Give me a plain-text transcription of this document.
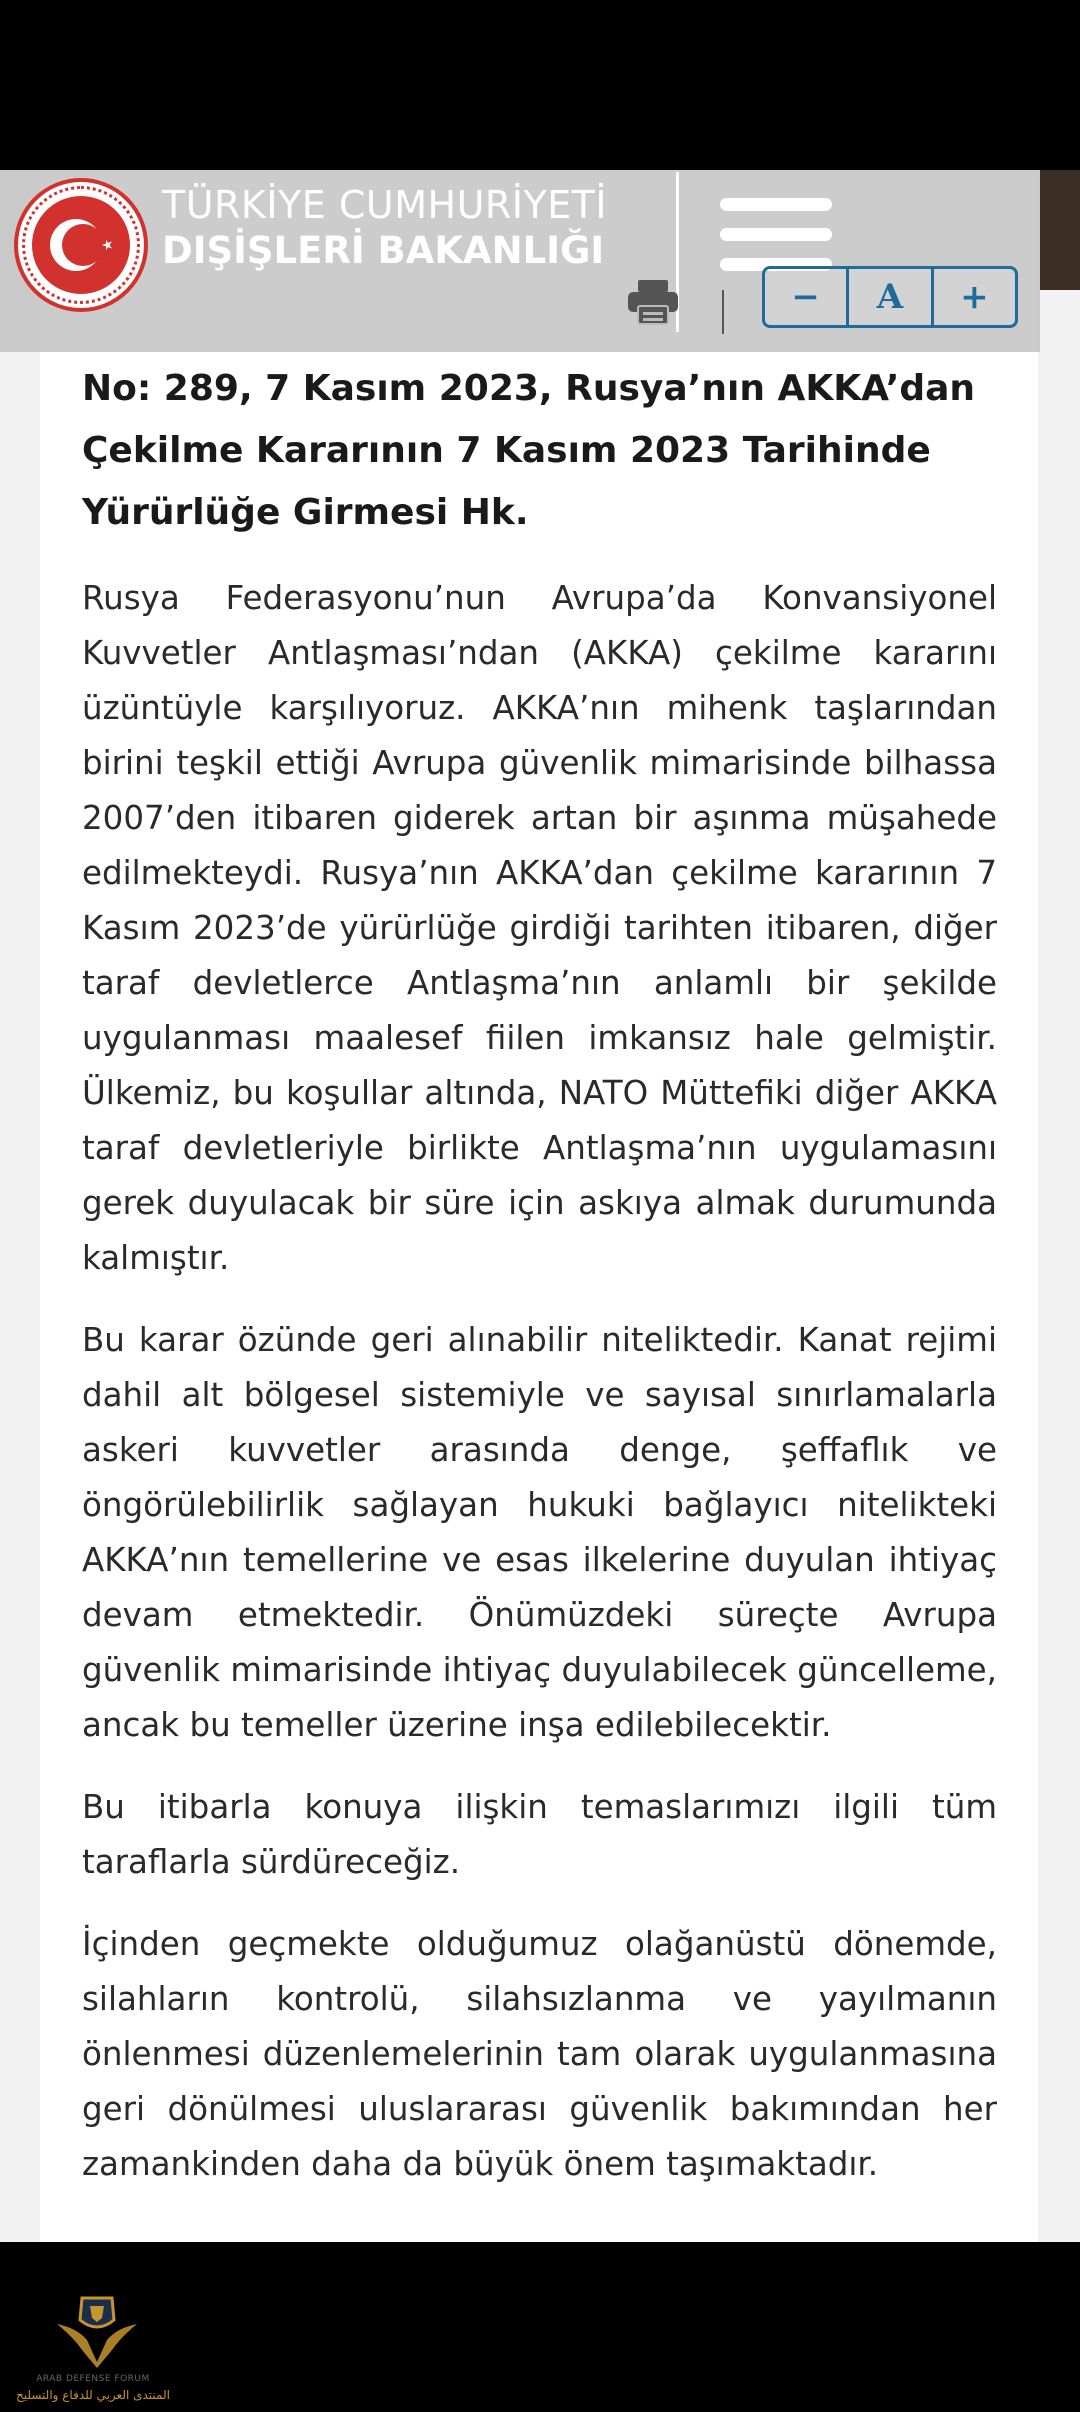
TÜRKİYE CUMHURİYETİ
DIŞİŞLERİ BAKANLIĞI
−	A	+
No: 289, 7 Kasım 2023, Rusya’nın AKKA’dan Çekilme Kararının 7 Kasım 2023 Tarihinde Yürürlüğe Girmesi Hk.

Rusya Federasyonu’nun Avrupa’da Konvansiyonel Kuvvetler Antlaşması’ndan (AKKA) çekilme kararını üzüntüyle karşılıyoruz. AKKA’nın mihenk taşlarından birini teşkil ettiği Avrupa güvenlik mimarisinde bilhassa 2007’den itibaren giderek artan bir aşınma müşahede edilmekteydi. Rusya’nın AKKA’dan çekilme kararının 7 Kasım 2023’de yürürlüğe girdiği tarihten itibaren, diğer taraf devletlerce Antlaşma’nın anlamlı bir şekilde uygulanması maalesef fiilen imkansız hale gelmiştir. Ülkemiz, bu koşullar altında, NATO Müttefiki diğer AKKA taraf devletleriyle birlikte Antlaşma’nın uygulamasını gerek duyulacak bir süre için askıya almak durumunda kalmıştır.

Bu karar özünde geri alınabilir niteliktedir. Kanat rejimi dahil alt bölgesel sistemiyle ve sayısal sınırlamalarla askeri kuvvetler arasında denge, şeffaflık ve öngörülebilirlik sağlayan hukuki bağlayıcı nitelikteki AKKA’nın temellerine ve esas ilkelerine duyulan ihtiyaç devam etmektedir. Önümüzdeki süreçte Avrupa güvenlik mimarisinde ihtiyaç duyulabilecek güncelleme, ancak bu temeller üzerine inşa edilebilecektir.

Bu itibarla konuya ilişkin temaslarımızı ilgili tüm taraflarla sürdüreceğiz.

İçinden geçmekte olduğumuz olağanüstü dönemde, silahların kontrolü, silahsızlanma ve yayılmanın önlenmesi düzenlemelerinin tam olarak uygulanmasına geri dönülmesi uluslararası güvenlik bakımından her zamankinden daha da büyük önem taşımaktadır.

ARAB DEFENSE FORUM
المنتدى العربي للدفاع والتسليح
